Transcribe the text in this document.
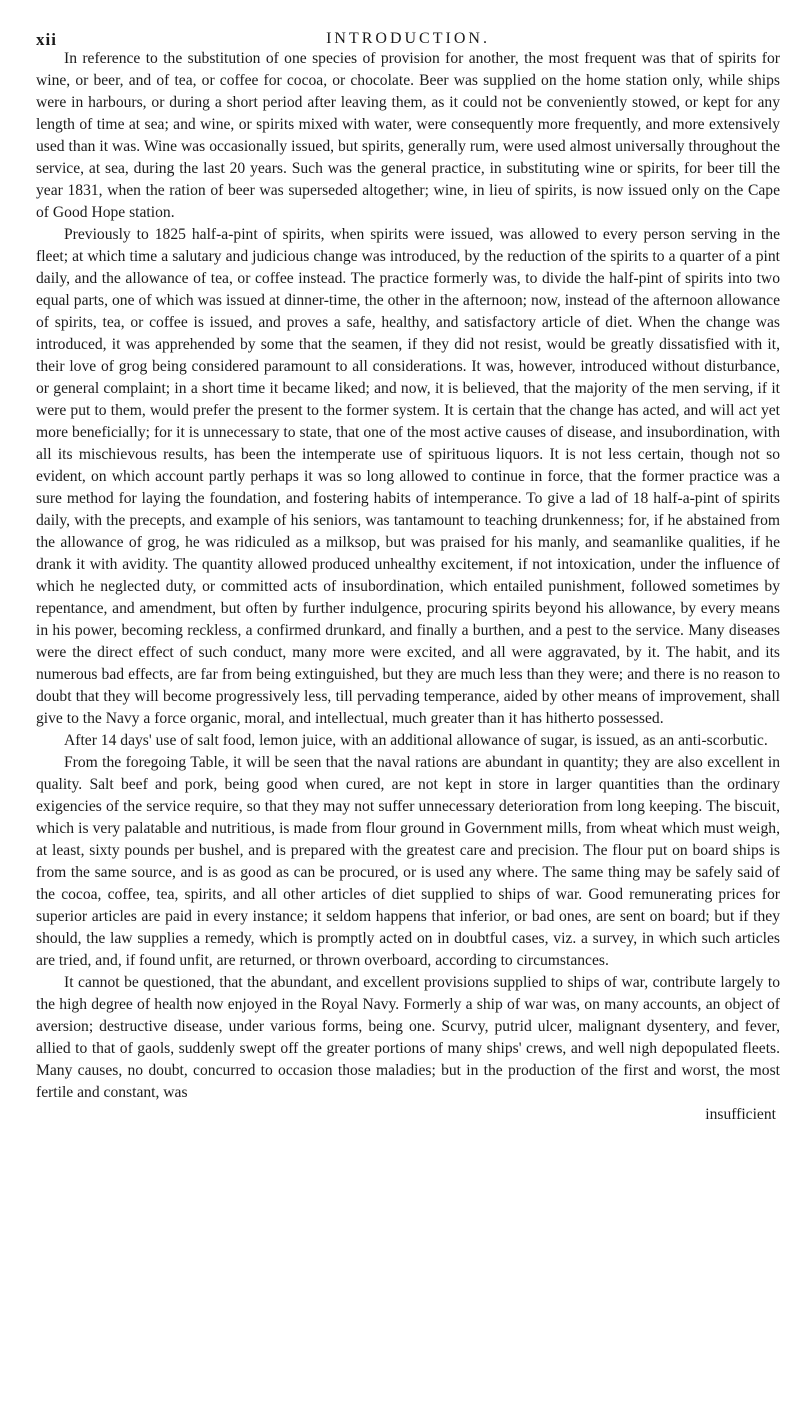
xii	INTRODUCTION.

In reference to the substitution of one species of provision for another, the most frequent was that of spirits for wine, or beer, and of tea, or coffee for cocoa, or chocolate. Beer was supplied on the home station only, while ships were in harbours, or during a short period after leaving them, as it could not be conveniently stowed, or kept for any length of time at sea; and wine, or spirits mixed with water, were consequently more frequently, and more extensively used than it was. Wine was occasionally issued, but spirits, generally rum, were used almost universally throughout the service, at sea, during the last 20 years. Such was the general practice, in substituting wine or spirits, for beer till the year 1831, when the ration of beer was superseded altogether; wine, in lieu of spirits, is now issued only on the Cape of Good Hope station.

Previously to 1825 half-a-pint of spirits, when spirits were issued, was allowed to every person serving in the fleet; at which time a salutary and judicious change was introduced, by the reduction of the spirits to a quarter of a pint daily, and the allowance of tea, or coffee instead. The practice formerly was, to divide the half-pint of spirits into two equal parts, one of which was issued at dinner-time, the other in the afternoon; now, instead of the afternoon allowance of spirits, tea, or coffee is issued, and proves a safe, healthy, and satisfactory article of diet. When the change was introduced, it was apprehended by some that the seamen, if they did not resist, would be greatly dissatisfied with it, their love of grog being considered paramount to all considerations. It was, however, introduced without disturbance, or general complaint; in a short time it became liked; and now, it is believed, that the majority of the men serving, if it were put to them, would prefer the present to the former system. It is certain that the change has acted, and will act yet more beneficially; for it is unnecessary to state, that one of the most active causes of disease, and insubordination, with all its mischievous results, has been the intemperate use of spirituous liquors. It is not less certain, though not so evident, on which account partly perhaps it was so long allowed to continue in force, that the former practice was a sure method for laying the foundation, and fostering habits of intemperance. To give a lad of 18 half-a-pint of spirits daily, with the precepts, and example of his seniors, was tantamount to teaching drunkenness; for, if he abstained from the allowance of grog, he was ridiculed as a milksop, but was praised for his manly, and seamanlike qualities, if he drank it with avidity. The quantity allowed produced unhealthy excitement, if not intoxication, under the influence of which he neglected duty, or committed acts of insubordination, which entailed punishment, followed sometimes by repentance, and amendment, but often by further indulgence, procuring spirits beyond his allowance, by every means in his power, becoming reckless, a confirmed drunkard, and finally a burthen, and a pest to the service. Many diseases were the direct effect of such conduct, many more were excited, and all were aggravated, by it. The habit, and its numerous bad effects, are far from being extinguished, but they are much less than they were; and there is no reason to doubt that they will become progressively less, till pervading temperance, aided by other means of improvement, shall give to the Navy a force organic, moral, and intellectual, much greater than it has hitherto possessed.

After 14 days' use of salt food, lemon juice, with an additional allowance of sugar, is issued, as an anti-scorbutic.

From the foregoing Table, it will be seen that the naval rations are abundant in quantity; they are also excellent in quality. Salt beef and pork, being good when cured, are not kept in store in larger quantities than the ordinary exigencies of the service require, so that they may not suffer unnecessary deterioration from long keeping. The biscuit, which is very palatable and nutritious, is made from flour ground in Government mills, from wheat which must weigh, at least, sixty pounds per bushel, and is prepared with the greatest care and precision. The flour put on board ships is from the same source, and is as good as can be procured, or is used any where. The same thing may be safely said of the cocoa, coffee, tea, spirits, and all other articles of diet supplied to ships of war. Good remunerating prices for superior articles are paid in every instance; it seldom happens that inferior, or bad ones, are sent on board; but if they should, the law supplies a remedy, which is promptly acted on in doubtful cases, viz. a survey, in which such articles are tried, and, if found unfit, are returned, or thrown overboard, according to circumstances.

It cannot be questioned, that the abundant, and excellent provisions supplied to ships of war, contribute largely to the high degree of health now enjoyed in the Royal Navy. Formerly a ship of war was, on many accounts, an object of aversion; destructive disease, under various forms, being one. Scurvy, putrid ulcer, malignant dysentery, and fever, allied to that of gaols, suddenly swept off the greater portions of many ships' crews, and well nigh depopulated fleets. Many causes, no doubt, concurred to occasion those maladies; but in the production of the first and worst, the most fertile and constant, was

insufficient
